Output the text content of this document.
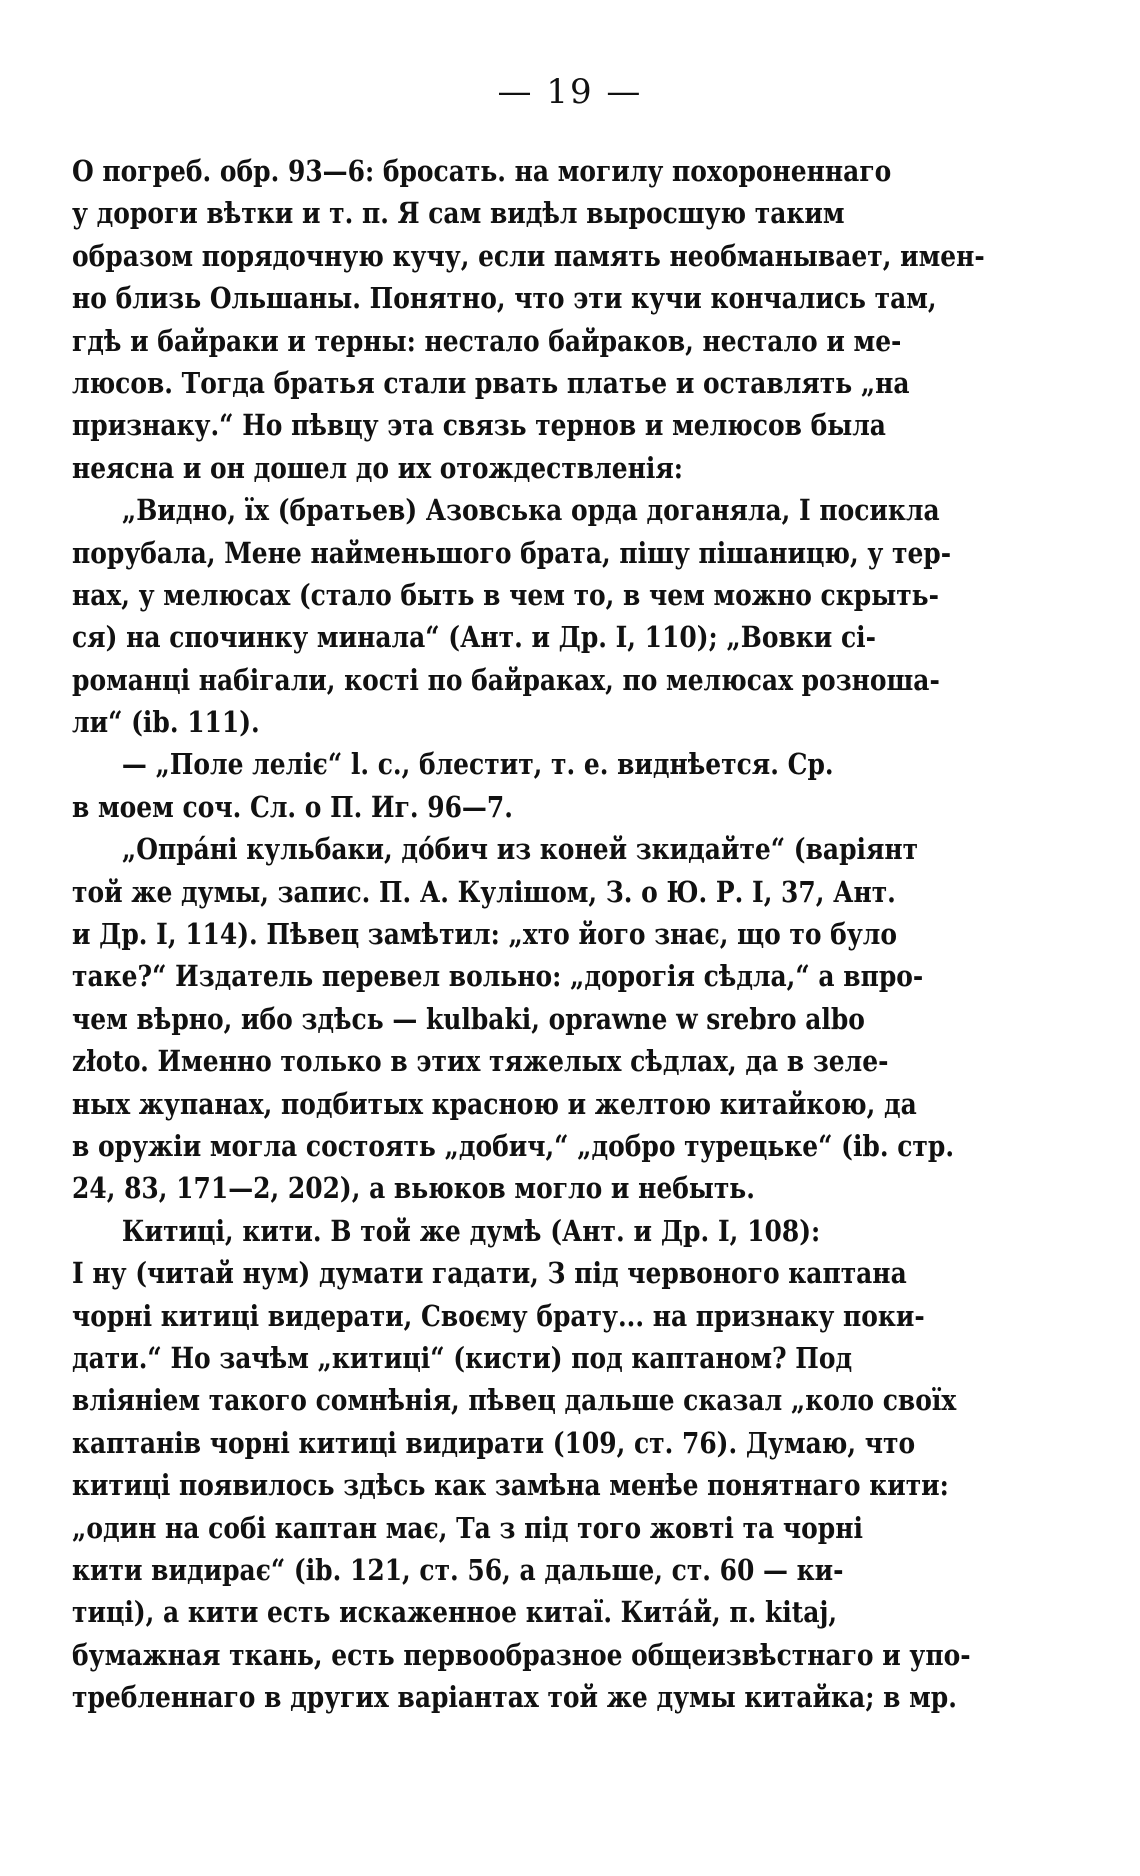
— 19 —
О погреб. обр. 93—6: бросать. на могилу похороненнаго
у дороги вѣтки и т. п. Я сам видѣл выросшую таким
образом порядочную кучу, если память необманывает, имен-
но близь Ольшаны. Понятно, что эти кучи кончались там,
гдѣ и байраки и терны: нестало байраков, нестало и ме-
люсов. Тогда братья стали рвать платье и оставлять „на
признаку.“ Но пѣвцу эта связь тернов и мелюсов была
неясна и он дошел до их отождествленія:
„Видно, їх (братьев) Азовська орда доганяла, І посикла
порубала, Мене найменьшого брата, пішу пішаницю, у тер-
нах, у мелюсах (стало быть в чем то, в чем можно скрыть-
ся) на спочинку минала“ (Ант. и Др. І, 110); „Вовки сі-
романці набігали, кості по байраках, по мелюсах розноша-
ли“ (ib. 111).
— „Поле леліє“ l. c., блестит, т. е. виднѣется. Ср.
в моем соч. Сл. о П. Иг. 96—7.
„Опрáні кульбаки, дóбич из коней зкидайте“ (варіянт
той же думы, запис. П. А. Кулішом, З. о Ю. Р. І, 37, Ант.
и Др. І, 114). Пѣвец замѣтил: „хто його знає, що то було
таке?“ Издатель перевел вольно: „дорогія сѣдла,“ а впро-
чем вѣрно, ибо здѣсь — kulbaki, oprawne w srebro albo
złoto. Именно только в этих тяжелых сѣдлах, да в зеле-
ных жупанах, подбитых красною и желтою китайкою, да
в оружіи могла состоять „добич,“ „добро турецьке“ (ib. стр.
24, 83, 171—2, 202), а вьюков могло и небыть.
Китиці, кити. В той же думѣ (Ант. и Др. І, 108):
І ну (читай нум) думати гадати, З під червоного каптана
чорні китиці видерати, Своєму брату... на признаку поки-
дати.“ Но зачѣм „китиці“ (кисти) под каптаном? Под
вліяніем такого сомнѣнія, пѣвец дальше сказал „коло своїх
каптанів чорні китиці видирати (109, ст. 76). Думаю, что
китиці появилось здѣсь как замѣна менѣе понятнаго кити:
„один на собі каптан має, Та з під того жовті та чорні
кити видирає“ (ib. 121, ст. 56, а дальше, ст. 60 — ки-
тиці), а кити есть искаженное китаї. Китáй, п. kitaj,
бумажная ткань, есть первообразное общеизвѣстнаго и упо-
требленнаго в других варіантах той же думы китайка; в мр.
